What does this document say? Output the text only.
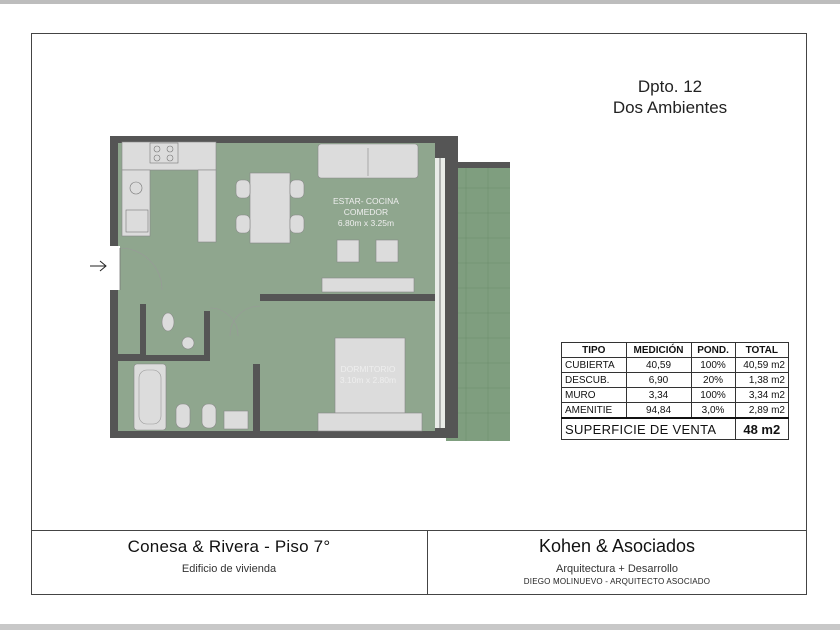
Dpto. 12
Dos Ambientes
ESTAR- COCINA
COMEDOR
6.80m x 3.25m
DORMITORIO
3.10m x 2.80m
TIPO	MEDICIÓN	POND.	TOTAL
CUBIERTA	40,59	100%	40,59 m2
DESCUB.	6,90	20%	1,38 m2
MURO	3,34	100%	3,34 m2
AMENITIE	94,84	3,0%	2,89 m2
SUPERFICIE DE VENTA			48 m2
Conesa & Rivera - Piso 7°
Edificio de vivienda
Kohen & Asociados
Arquitectura + Desarrollo
DIEGO MOLINUEVO - ARQUITECTO ASOCIADO
